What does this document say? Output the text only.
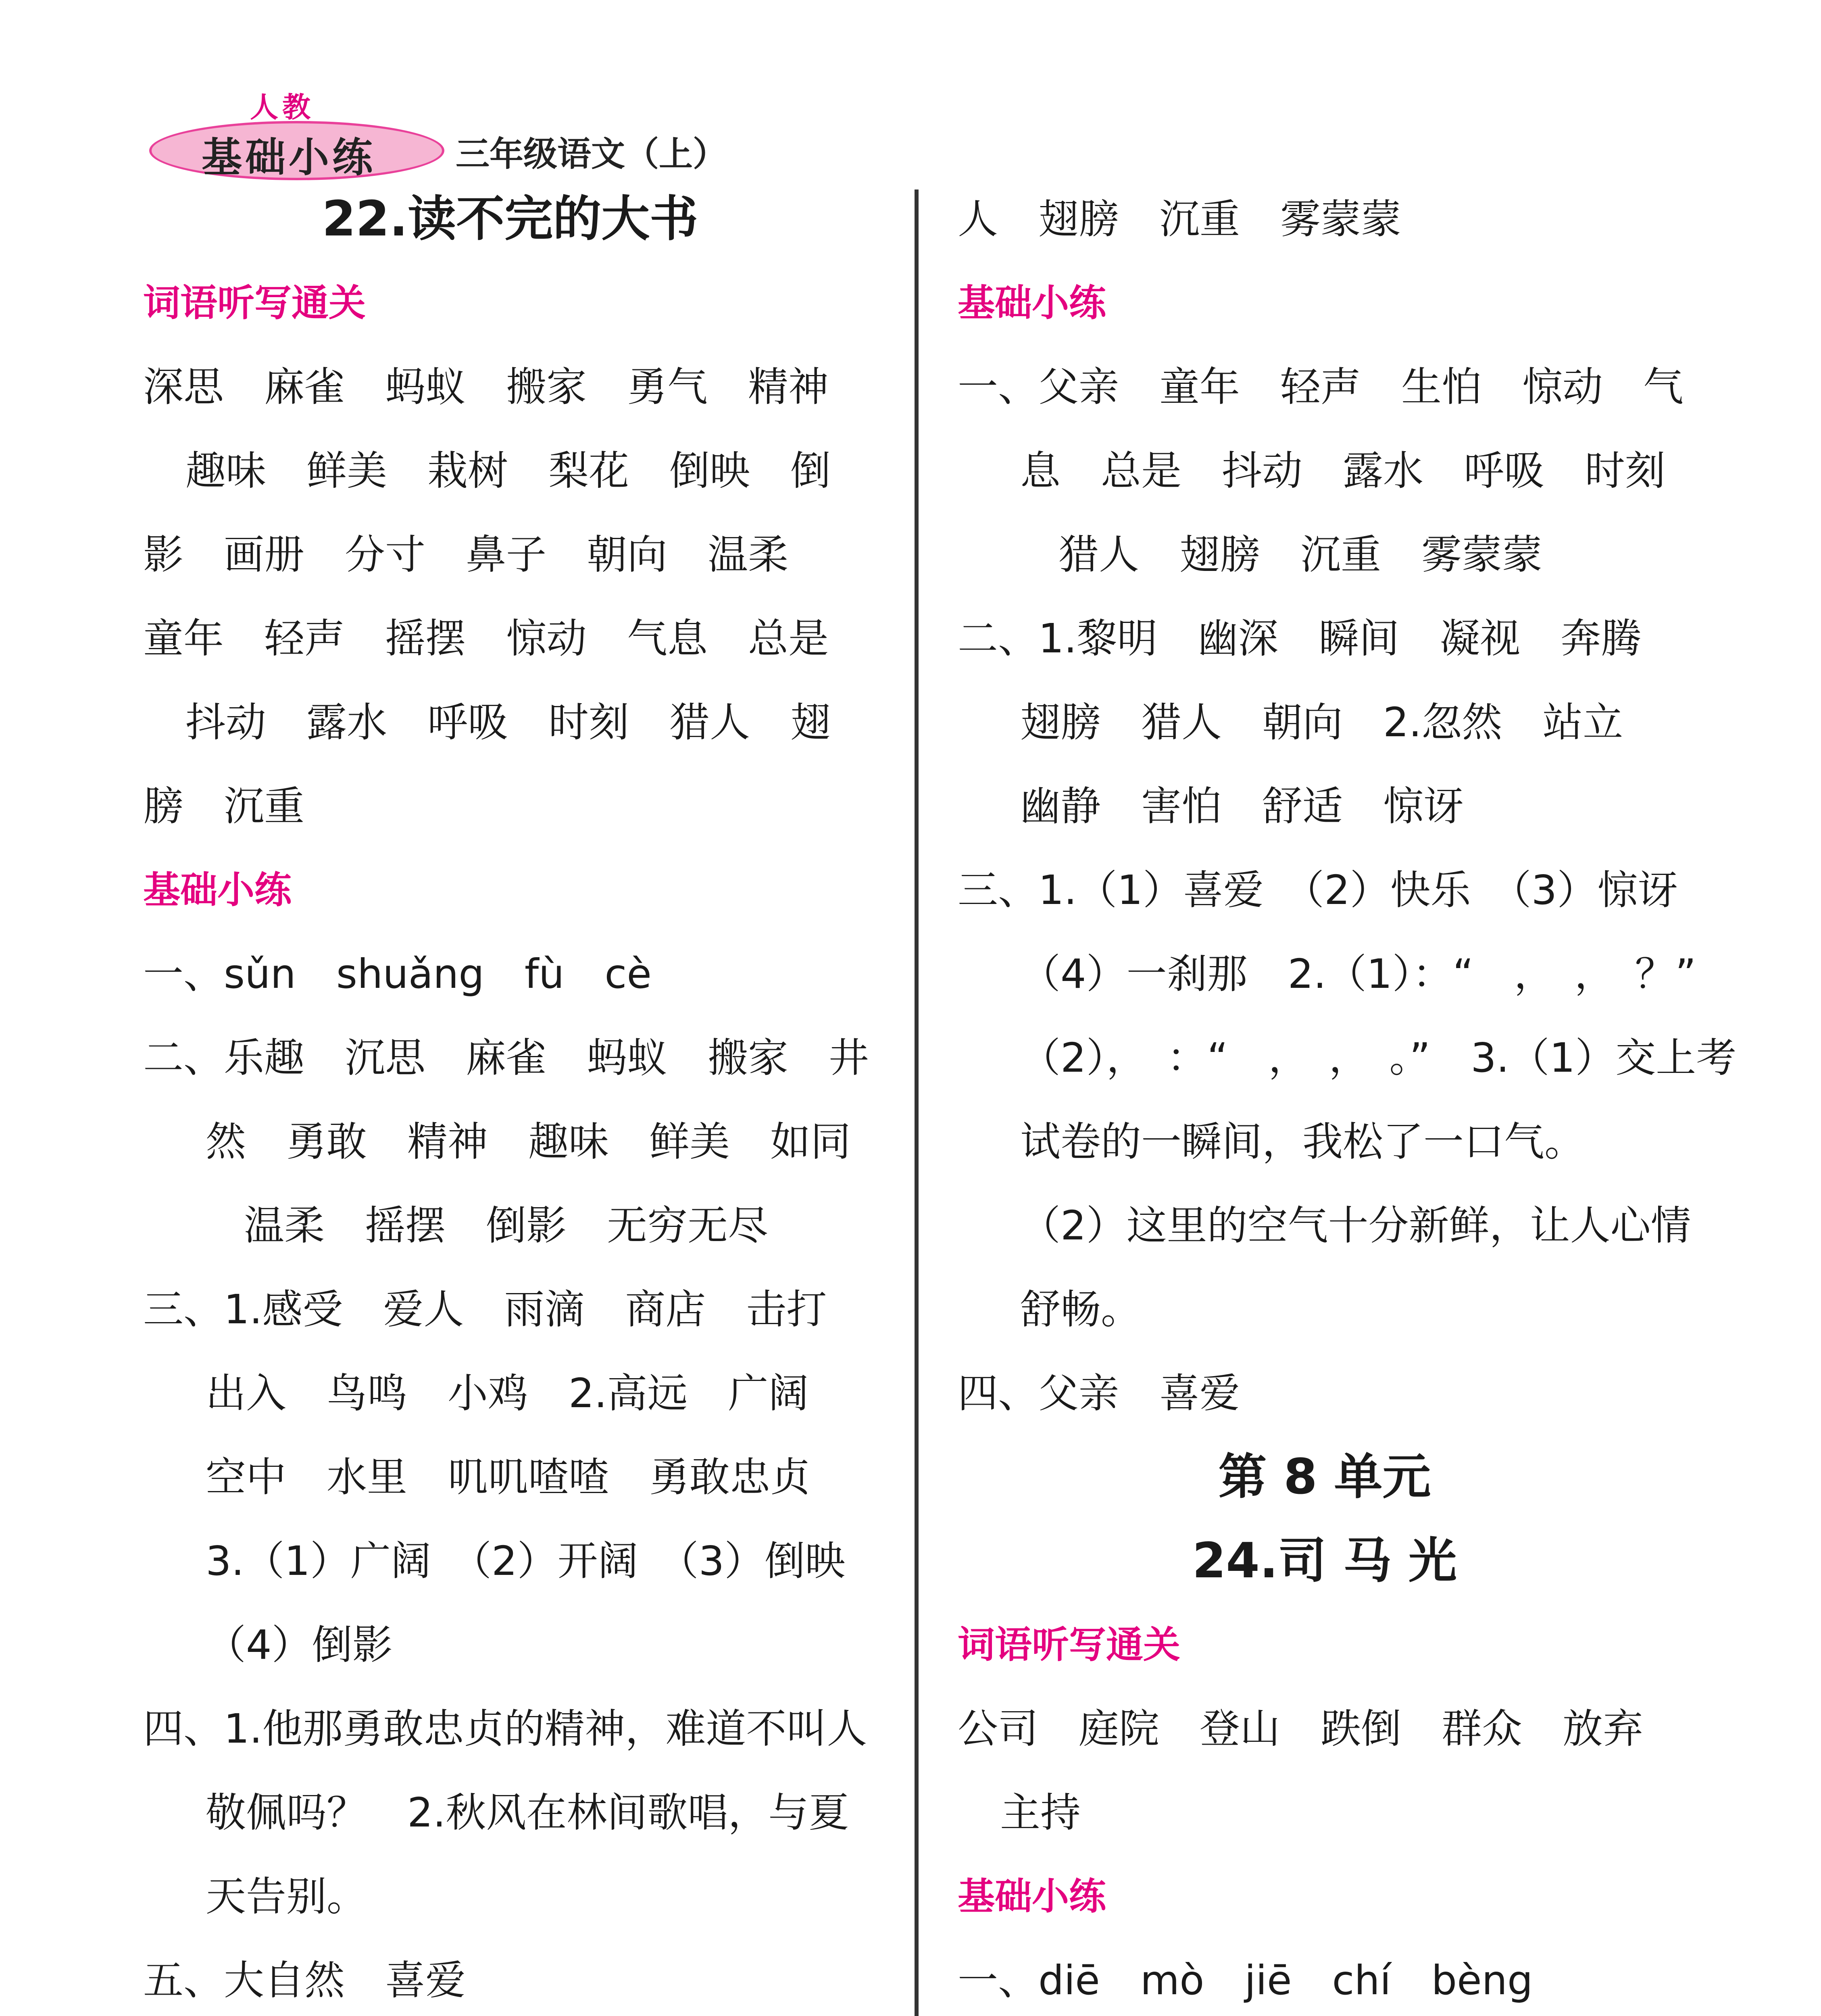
人教
基础小练 三年级语文（上）
22.读不完的大书
词语听写通关
深思　麻雀　蚂蚁　搬家　勇气　精神
趣味　鲜美　栽树　梨花　倒映　倒
影　画册　分寸　鼻子　朝向　温柔
童年　轻声　摇摆　惊动　气息　总是
抖动　露水　呼吸　时刻　猎人　翅
膀　沉重
基础小练
一、sǔn　shuǎng　fù　cè
二、乐趣　沉思　麻雀　蚂蚁　搬家　井
然　勇敢　精神　趣味　鲜美　如同
温柔　摇摆　倒影　无穷无尽
三、1.感受　爱人　雨滴　商店　击打
出入　鸟鸣　小鸡　2.高远　广阔
空中　水里　叽叽喳喳　勇敢忠贞
3.（1）广阔　（2）开阔　（3）倒映
（4）倒影
四、1.他那勇敢忠贞的精神，难道不叫人
敬佩吗？　2.秋风在林间歌唱，与夏
天告别。
五、大自然　喜爱
人　翅膀　沉重　雾蒙蒙
基础小练
一、父亲　童年　轻声　生怕　惊动　气
息　总是　抖动　露水　呼吸　时刻
猎人　翅膀　沉重　雾蒙蒙
二、1.黎明　幽深　瞬间　凝视　奔腾
翅膀　猎人　朝向　2.忽然　站立
幽静　害怕　舒适　惊讶
三、1.（1）喜爱　（2）快乐　（3）惊讶
（4）一刹那　2.（1）：“　，　，　？”
（2），　：“　，　，　。”　3.（1）交上考
试卷的一瞬间，我松了一口气。
（2）这里的空气十分新鲜，让人心情
舒畅。
四、父亲　喜爱
第 8 单元
24.司 马 光
词语听写通关
公司　庭院　登山　跌倒　群众　放弃
主持
基础小练
一、diē　mò　jiē　chí　bèng
